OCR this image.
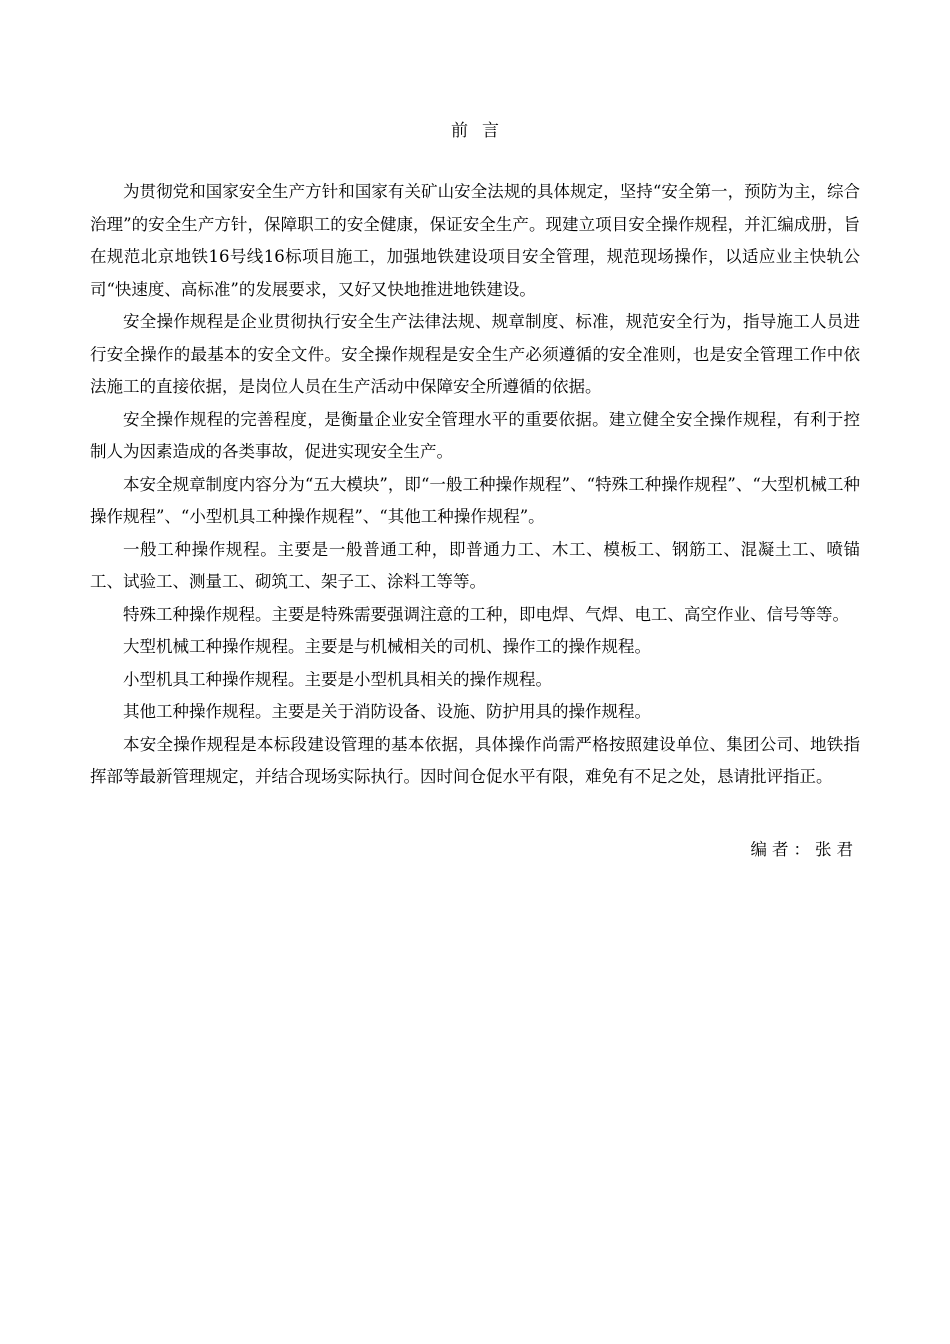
前言

为贯彻党和国家安全生产方针和国家有关矿山安全法规的具体规定，坚持“安全第一，预防为主，综合治理”的安全生产方针，保障职工的安全健康，保证安全生产。现建立项目安全操作规程，并汇编成册，旨在规范北京地铁16号线16标项目施工，加强地铁建设项目安全管理，规范现场操作，以适应业主快轨公司“快速度、高标准”的发展要求，又好又快地推进地铁建设。

安全操作规程是企业贯彻执行安全生产法律法规、规章制度、标准，规范安全行为，指导施工人员进行安全操作的最基本的安全文件。安全操作规程是安全生产必须遵循的安全准则，也是安全管理工作中依法施工的直接依据，是岗位人员在生产活动中保障安全所遵循的依据。

安全操作规程的完善程度，是衡量企业安全管理水平的重要依据。建立健全安全操作规程，有利于控制人为因素造成的各类事故，促进实现安全生产。

本安全规章制度内容分为“五大模块”，即“一般工种操作规程”、“特殊工种操作规程”、“大型机械工种操作规程”、“小型机具工种操作规程”、“其他工种操作规程”。

一般工种操作规程。主要是一般普通工种，即普通力工、木工、模板工、钢筋工、混凝土工、喷锚工、试验工、测量工、砌筑工、架子工、涂料工等等。

特殊工种操作规程。主要是特殊需要强调注意的工种，即电焊、气焊、电工、高空作业、信号等等。

大型机械工种操作规程。主要是与机械相关的司机、操作工的操作规程。

小型机具工种操作规程。主要是小型机具相关的操作规程。

其他工种操作规程。主要是关于消防设备、设施、防护用具的操作规程。

本安全操作规程是本标段建设管理的基本依据，具体操作尚需严格按照建设单位、集团公司、地铁指挥部等最新管理规定，并结合现场实际执行。因时间仓促水平有限，难免有不足之处，恳请批评指正。

编者：张君
